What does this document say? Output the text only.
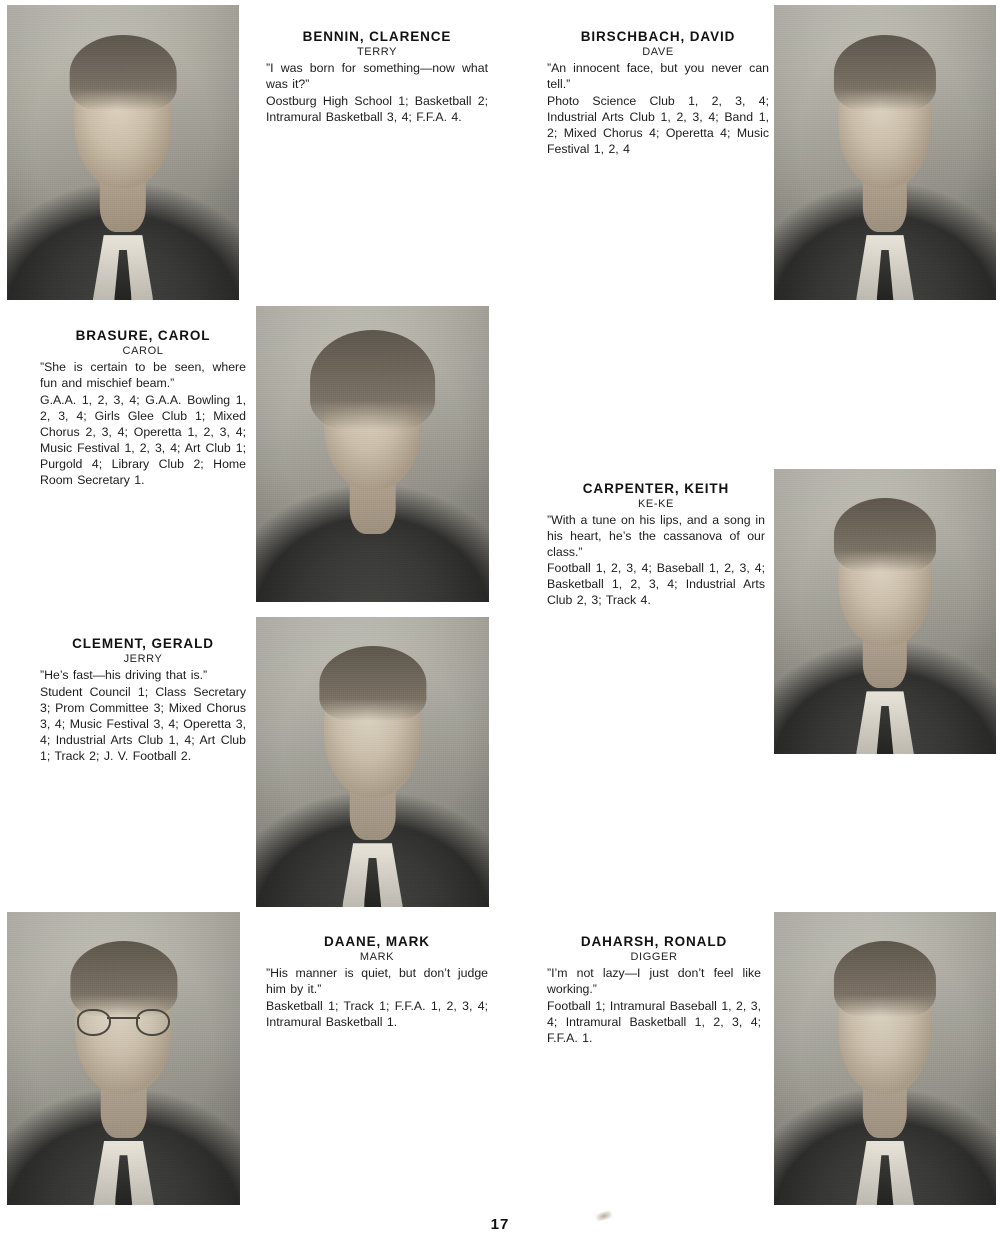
BENNIN, CLARENCE
TERRY
”I was born for something—now what was it?”
Oostburg High School 1; Basketball 2; Intramural Basketball 3, 4; F.F.A. 4.
BIRSCHBACH, DAVID
DAVE
”An innocent face, but you never can tell.”
Photo Science Club 1, 2, 3, 4; Industrial Arts Club 1, 2, 3, 4; Band 1, 2; Mixed Chorus 4; Operetta 4; Music Festival 1, 2, 4
BRASURE, CAROL
CAROL
”She is certain to be seen, where fun and mischief beam.”
G.A.A. 1, 2, 3, 4; G.A.A. Bowling 1, 2, 3, 4; Girls Glee Club 1; Mixed Chorus 2, 3, 4; Operetta 1, 2, 3, 4; Music Festival 1, 2, 3, 4; Art Club 1; Purgold 4; Library Club 2; Home Room Secretary 1.
CARPENTER, KEITH
KE-KE
”With a tune on his lips, and a song in his heart, he’s the cassanova of our class.”
Football 1, 2, 3, 4; Baseball 1, 2, 3, 4; Basketball 1, 2, 3, 4; Industrial Arts Club 2, 3; Track 4.
CLEMENT, GERALD
JERRY
”He’s fast—his driving that is.”
Student Council 1; Class Secretary 3; Prom Committee 3; Mixed Chorus 3, 4; Music Festival 3, 4; Operetta 3, 4; Industrial Arts Club 1, 4; Art Club 1; Track 2; J. V. Football 2.
DAANE, MARK
MARK
”His manner is quiet, but don’t judge him by it.”
Basketball 1; Track 1; F.F.A. 1, 2, 3, 4; Intramural Basketball 1.
DAHARSH, RONALD
DIGGER
”I’m not lazy—I just don’t feel like working.”
Football 1; Intramural Baseball 1, 2, 3, 4; Intramural Basketball 1, 2, 3, 4; F.F.A. 1.
17
